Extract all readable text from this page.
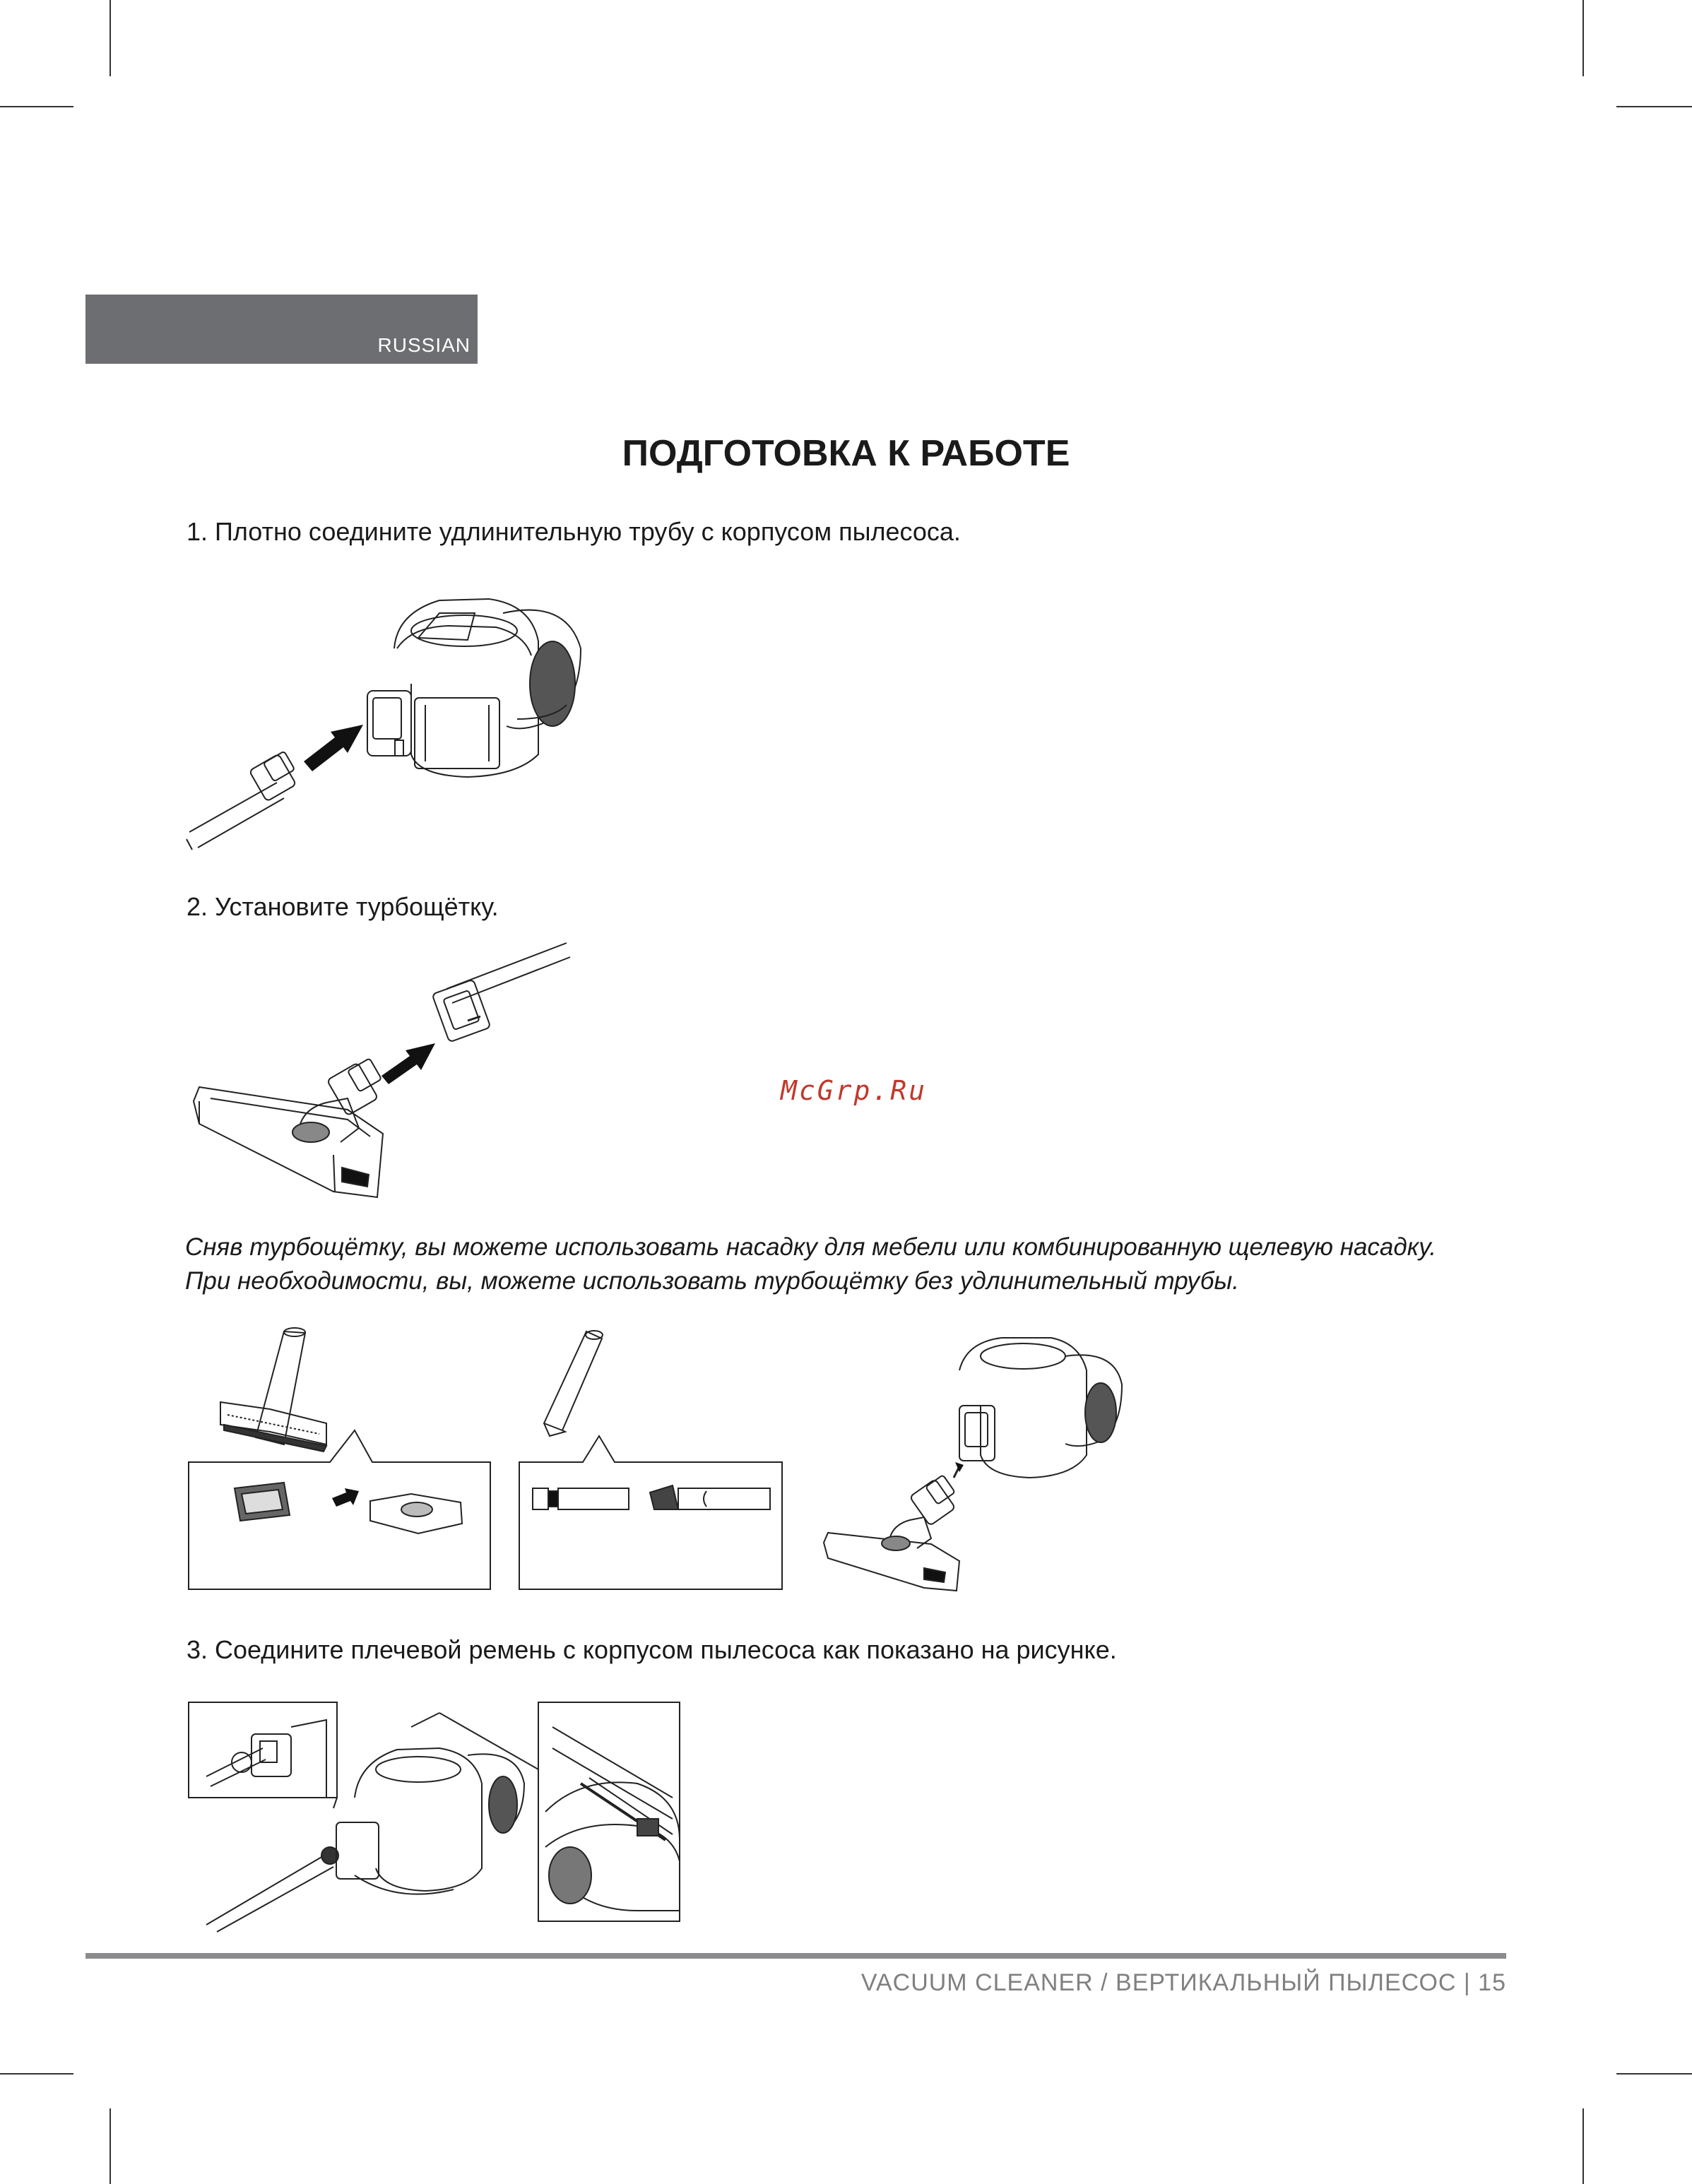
RUSSIAN
ПОДГОТОВКА К РАБОТЕ
1. Плотно соедините удлинительную трубу с корпусом пылесоса.
2. Установите турбощётку.
McGrp.Ru
Сняв турбощётку, вы можете использовать насадку для мебели или комбинированную щелевую насадку.
При необходимости, вы, можете использовать турбощётку без удлинительный трубы.
3. Соедините плечевой ремень с корпусом пылесоса как показано на рисунке.
VACUUM CLEANER / ВЕРТИКАЛЬНЫЙ ПЫЛЕСОС | 15
